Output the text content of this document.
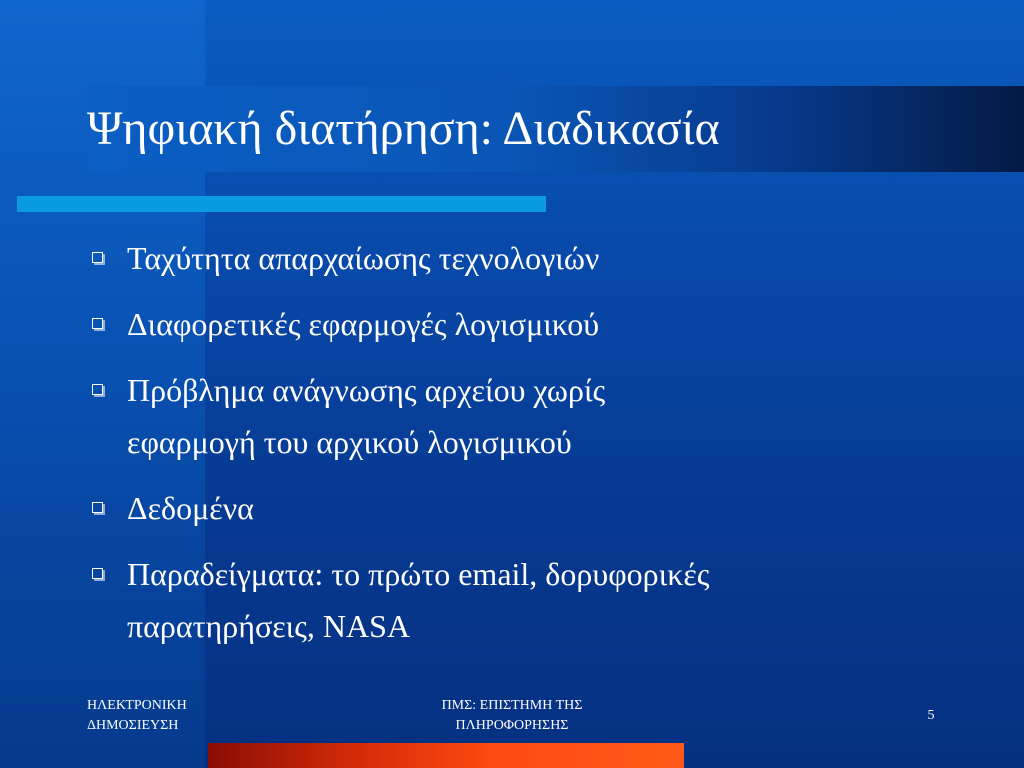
Ψηφιακή διατήρηση: Διαδικασία
Ταχύτητα απαρχαίωσης τεχνολογιών
Διαφορετικές εφαρμογές λογισμικού
Πρόβλημα ανάγνωσης αρχείου χωρίς
εφαρμογή του αρχικού λογισμικού
Δεδομένα
Παραδείγματα: το πρώτο email, δορυφορικές
παρατηρήσεις, NASA
ΗΛΕΚΤΡΟΝΙΚΗ
ΔΗΜΟΣΙΕΥΣΗ
ΠΜΣ: ΕΠΙΣΤΗΜΗ ΤΗΣ
ΠΛΗΡΟΦΟΡΗΣΗΣ
5
